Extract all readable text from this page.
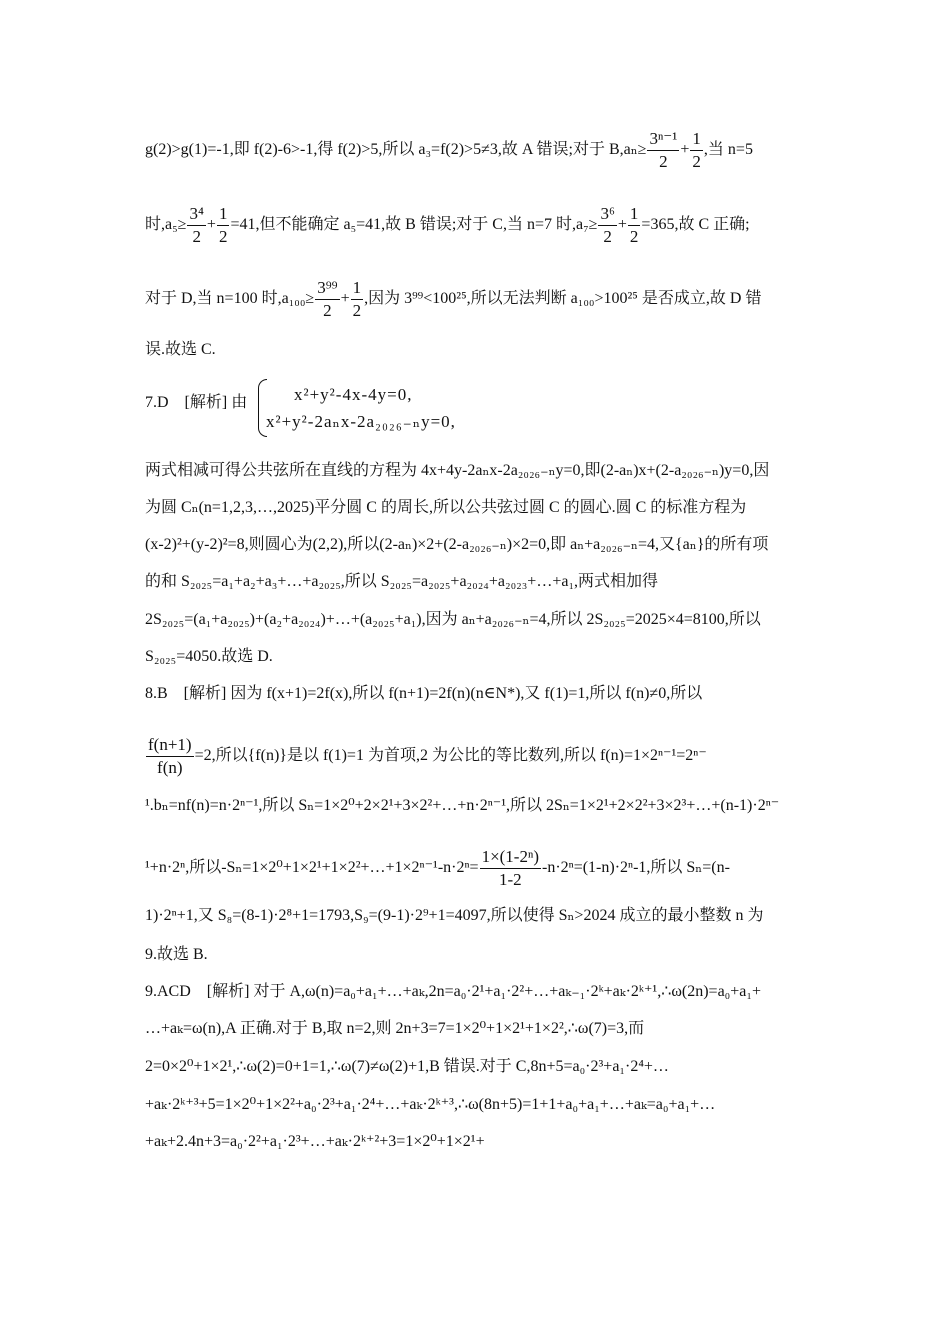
g(2)>g(1)=-1,即 f(2)-6>-1,得 f(2)>5,所以 a₃=f(2)>5≠3,故 A 错误;对于 $B,a_n\ge \frac{\text{3ⁿ⁻¹}}{2} + \frac{1}{2}$ ,当 n=5
时$,a_5\ge \frac{\text{3⁴}}{2} + \frac{1}{2} =41$,但不能确定 a₅=41,故 B 错误;对于 C,当 n=7 时$,a_7\ge \frac{\text{3⁶}}{2} + \frac{1}{2} =365$,故 C 正确;
对于 D,当 n=100 时$,a_{100}\ge \frac{\text{3⁹⁹}}{2} + \frac{1}{2}$ ,因为 3⁹⁹<100²⁵,所以无法判断 a₁₀₀>100²⁵ 是否成立,故 D 错
误.故选 C.
7.D　[解析] 由	x²+y²-4x-4y=0,
x²+y²-2aₙx-2a₂₀₂₆₋ₙy=0,
两式相减可得公共弦所在直线的方程为 4x+4y-2aₙx-2a₂₀₂₆₋ₙy=0,即(2-aₙ)x+(2-a₂₀₂₆₋ₙ)y=0,因
为圆 Cₙ(n=1,2,3,…,2025)平分圆 C 的周长,所以公共弦过圆 C 的圆心.圆 C 的标准方程为
(x-2)²+(y-2)²=8,则圆心为(2,2),所以(2-aₙ)×2+(2-a₂₀₂₆₋ₙ)×2=0,即 aₙ+a₂₀₂₆₋ₙ=4,又{aₙ}的所有项
的和 S₂₀₂₅=a₁+a₂+a₃+…+a₂₀₂₅,所以 S₂₀₂₅=a₂₀₂₅+a₂₀₂₄+a₂₀₂₃+…+a₁,两式相加得
2S₂₀₂₅=(a₁+a₂₀₂₅)+(a₂+a₂₀₂₄)+…+(a₂₀₂₅+a₁),因为 aₙ+a₂₀₂₆₋ₙ=4,所以 2S₂₀₂₅=2025×4=8100,所以
S₂₀₂₅=4050.故选 D.
8.B　[解析] 因为 f(x+1)=2f(x),所以 f(n+1)=2f(n)(n∈N*),又 f(1)=1,所以 f(n)≠0,所以
$\frac{f(n+1)}{f(n)} =2$,所以{f(n)}是以 f(1)=1 为首项,2 为公比的等比数列,所以 f(n)=1×2ⁿ⁻¹=2ⁿ⁻
¹.bₙ=nf(n)=n·2ⁿ⁻¹,所以 Sₙ=1×2⁰+2×2¹+3×2²+…+n·2ⁿ⁻¹,所以 2Sₙ=1×2¹+2×2²+3×2³+…+(n-1)·2ⁿ⁻
¹+n·2ⁿ,所以-Sₙ=1×2⁰+1×2¹+1×2²+…+1×2ⁿ⁻¹-n·2ⁿ= $\frac{\text{1×(1-2ⁿ)}}{1-2} -n\cdot 2^n=(1-n)\cdot 2^n-1$,所以 Sₙ=(n-
1)·2ⁿ+1,又 S₈=(8-1)·2⁸+1=1793,S₉=(9-1)·2⁹+1=4097,所以使得 Sₙ>2024 成立的最小整数 n 为
9.故选 B.
9.ACD　[解析] 对于 A,ω(n)=a₀+a₁+…+aₖ,2n=a₀·2¹+a₁·2²+…+aₖ₋₁·2ᵏ+aₖ·2ᵏ⁺¹,∴ω(2n)=a₀+a₁+
…+aₖ=ω(n),A 正确.对于 B,取 n=2,则 2n+3=7=1×2⁰+1×2¹+1×2²,∴ω(7)=3,而
2=0×2⁰+1×2¹,∴ω(2)=0+1=1,∴ω(7)≠ω(2)+1,B 错误.对于 C,8n+5=a₀·2³+a₁·2⁴+…
+aₖ·2ᵏ⁺³+5=1×2⁰+1×2²+a₀·2³+a₁·2⁴+…+aₖ·2ᵏ⁺³,∴ω(8n+5)=1+1+a₀+a₁+…+aₖ=a₀+a₁+…
+aₖ+2.4n+3=a₀·2²+a₁·2³+…+aₖ·2ᵏ⁺²+3=1×2⁰+1×2¹+
